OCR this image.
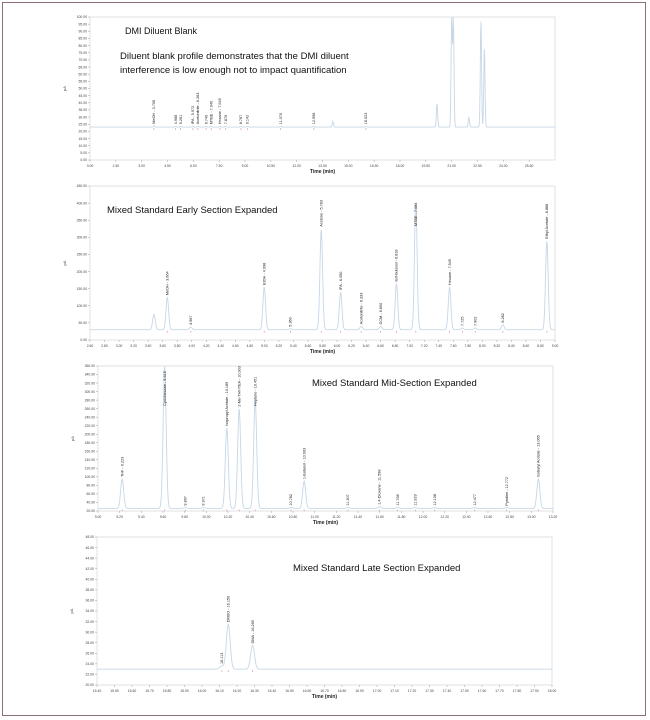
0.00
5.00
10.00
15.00
20.00
25.00
30.00
35.00
40.00
45.00
50.00
55.00
60.00
65.00
70.00
75.00
80.00
85.00
90.00
95.00
100.00
0.00	1.50	3.00	4.50	6.00	7.50	9.00	10.50	12.00	13.50	15.00	16.50	18.00	19.50	21.00	22.50	24.00	25.50
Time (min)
pA
MeOH - 3.706	4.968 5.261 IPA - 5.972 Acetonitrile - 6.263 6.740 MTBE - 7.040 Hexane - 7.549 7.876	8.767 9.142	11.070	12.998	16.023
DMI Diluent Blank
Diluent blank profile demonstrates that the DMI diluent
interference is low enough not to impact quantification
0.00
50.00
100.00
150.00
200.00
250.00
300.00
350.00
400.00
450.00
2.60 2.80 3.00 3.20 3.40 3.60 3.80 4.00 4.20 4.40 4.60 4.80 5.00 5.20 5.40 5.60 5.80 6.00 6.20 6.40 6.60 6.80 7.00 7.20 7.40 7.60 7.80 8.00 8.20 8.40 8.60 8.80 9.00
Time (min)
pA
MeOH - 3.664
3.987
EtOH - 4.998
5.360
Acetone - 5.783
IPA - 6.050
Acetonitrile - 6.333	DCM - 6.600
tert-butanol - 6.818
MTBE - 7.084
Hexane - 7.549
7.725 7.902	8.282
Ethyl Acetate - 8.888
Mixed Standard Early Section Expanded
20.00
40.00
60.00
80.00
100.00
120.00
140.00
160.00
180.00
200.00
220.00
240.00
260.00
280.00
300.00
320.00
340.00
360.00
9.00	9.20	9.40	9.60	9.80	10.00	10.20	10.40	10.60	10.80	11.00	11.20	11.40	11.60	11.80	12.00	12.20	12.40	12.60	12.80	13.00	13.20
Time (min)
pA
THF - 9.223
Cyclohexane - 9.615
9.807	9.971
Isopropyl Acetate - 10.189 2-Me-THF/TEA - 10.303	Heptane - 10.451
10.782
1-Butanol - 10.903
11.307	1,4-Dioxane - 11.598	11.766	11.929	12.108	12.477	Pyridine - 12.772
Isobutyl Acetate - 13.065
Mixed Standard Mid-Section Expanded
20.00
22.00
24.00
26.00
28.00
30.00
32.00
34.00
36.00
38.00
40.00
42.00
44.00
46.00
48.00
15.40	15.50	15.60	15.70	15.80	15.90	16.00	16.10	16.20	16.30	16.40	16.50	16.60	16.70	16.80	16.90	17.00	17.10	17.20	17.30	17.40	17.50	17.60	17.70	17.80	17.90	18.00
Time (min)
pA
16.113
DMSO - 16.150
DMA - 16.289
Mixed Standard Late Section Expanded
